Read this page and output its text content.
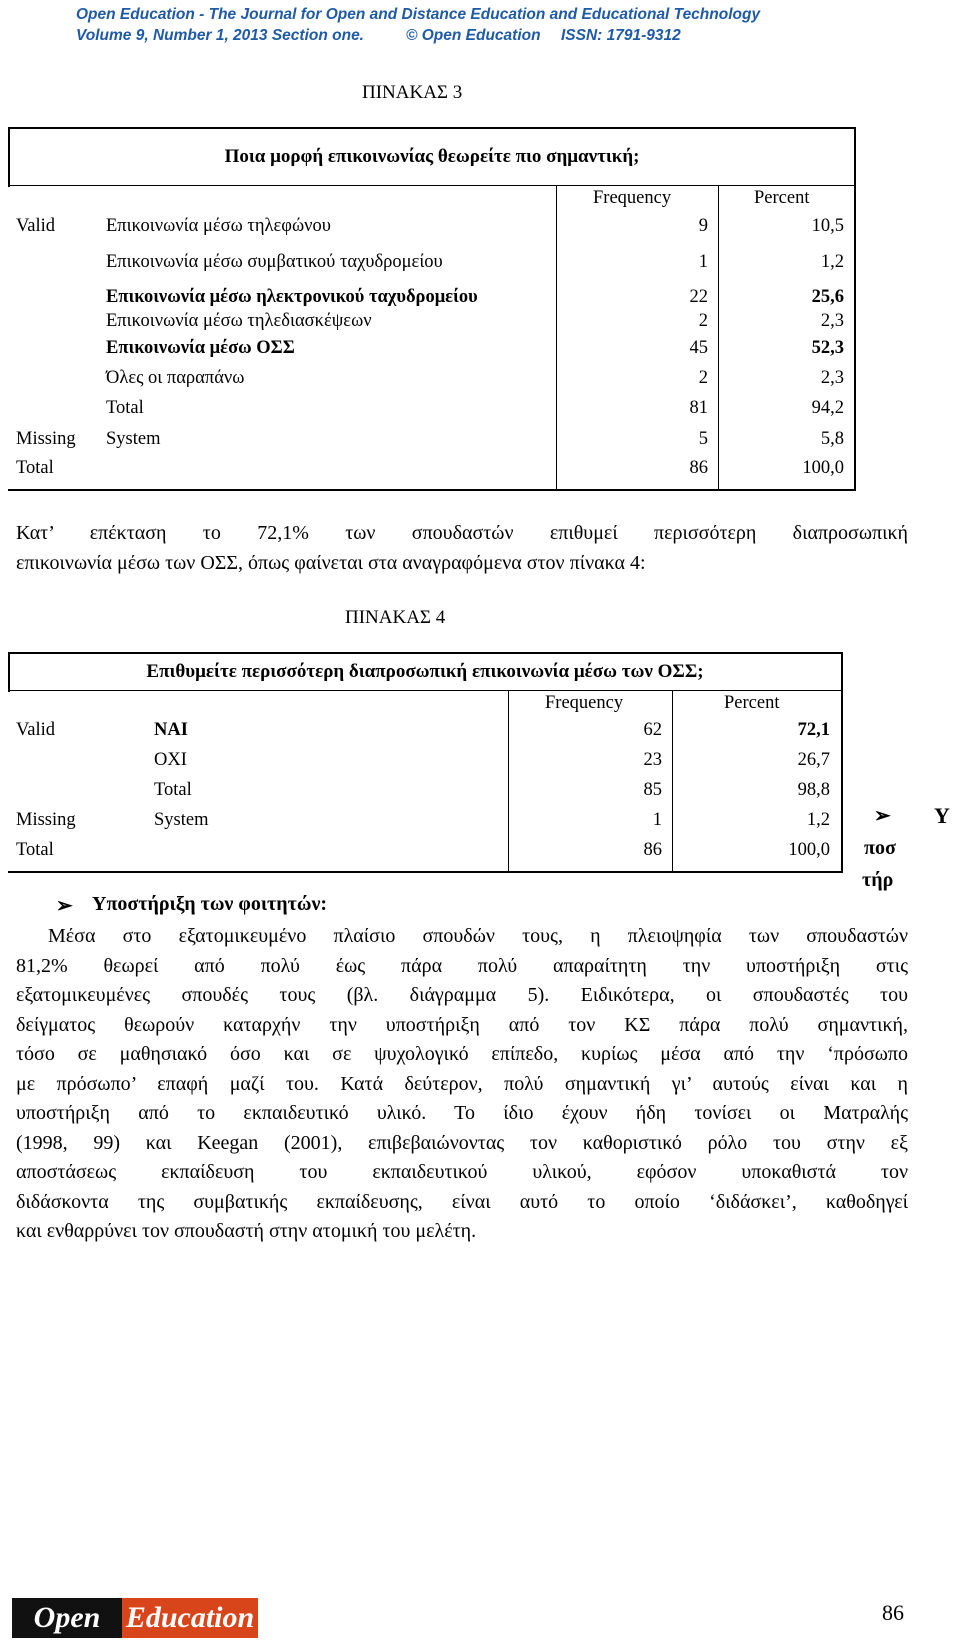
Open Education - The Journal for Open and Distance Education and Educational Technology
Volume 9, Number 1, 2013 Section one.	© Open Education	ISSN: 1791-9312
ΠΙΝΑΚΑΣ 3
Ποια μορφή επικοινωνίας θεωρείτε πιο σημαντική;
Frequency	Percent
Valid	Επικοινωνία μέσω τηλεφώνου	9	10,5
Επικοινωνία μέσω συμβατικού ταχυδρομείου	1	1,2
Επικοινωνία μέσω ηλεκτρονικού ταχυδρομείου	22	25,6
Επικοινωνία μέσω τηλεδιασκέψεων	2	2,3
Επικοινωνία μέσω ΟΣΣ	45	52,3
Όλες οι παραπάνω	2	2,3
Total	81	94,2
Missing System	5	5,8
Total	86	100,0
Κατ’ επέκταση το 72,1% των σπουδαστών επιθυμεί περισσότερη διαπροσωπική
επικοινωνία μέσω των ΟΣΣ, όπως φαίνεται στα αναγραφόμενα στον πίνακα 4:
ΠΙΝΑΚΑΣ 4
Επιθυμείτε περισσότερη διαπροσωπική επικοινωνία μέσω των ΟΣΣ;
Frequency	Percent
Valid	ΝΑΙ	62	72,1
ΟΧΙ	23	26,7
Total	85	98,8
Missing	System	1	1,2
Total	86	100,0
➢ Υ
ποσ
τήρ
➢ Υποστήριξη των φοιτητών:
Μέσα στο εξατομικευμένο πλαίσιο σπουδών τους, η πλειοψηφία των σπουδαστών
81,2% θεωρεί από πολύ έως πάρα πολύ απαραίτητη την υποστήριξη στις
εξατομικευμένες σπουδές τους (βλ. διάγραμμα 5). Ειδικότερα, οι σπουδαστές του
δείγματος θεωρούν καταρχήν την υποστήριξη από τον ΚΣ πάρα πολύ σημαντική,
τόσο σε μαθησιακό όσο και σε ψυχολογικό επίπεδο, κυρίως μέσα από την ‘πρόσωπο
με πρόσωπο’ επαφή μαζί του. Κατά δεύτερον, πολύ σημαντική γι’ αυτούς είναι και η
υποστήριξη από το εκπαιδευτικό υλικό. Το ίδιο έχουν ήδη τονίσει οι Ματραλής
(1998, 99) και Keegan (2001), επιβεβαιώνοντας τον καθοριστικό ρόλο του στην εξ
αποστάσεως εκπαίδευση του εκπαιδευτικού υλικού, εφόσον υποκαθιστά τον
διδάσκοντα της συμβατικής εκπαίδευσης, είναι αυτό το οποίο ‘διδάσκει’, καθοδηγεί
και ενθαρρύνει τον σπουδαστή στην ατομική του μελέτη.
Open Education	86
